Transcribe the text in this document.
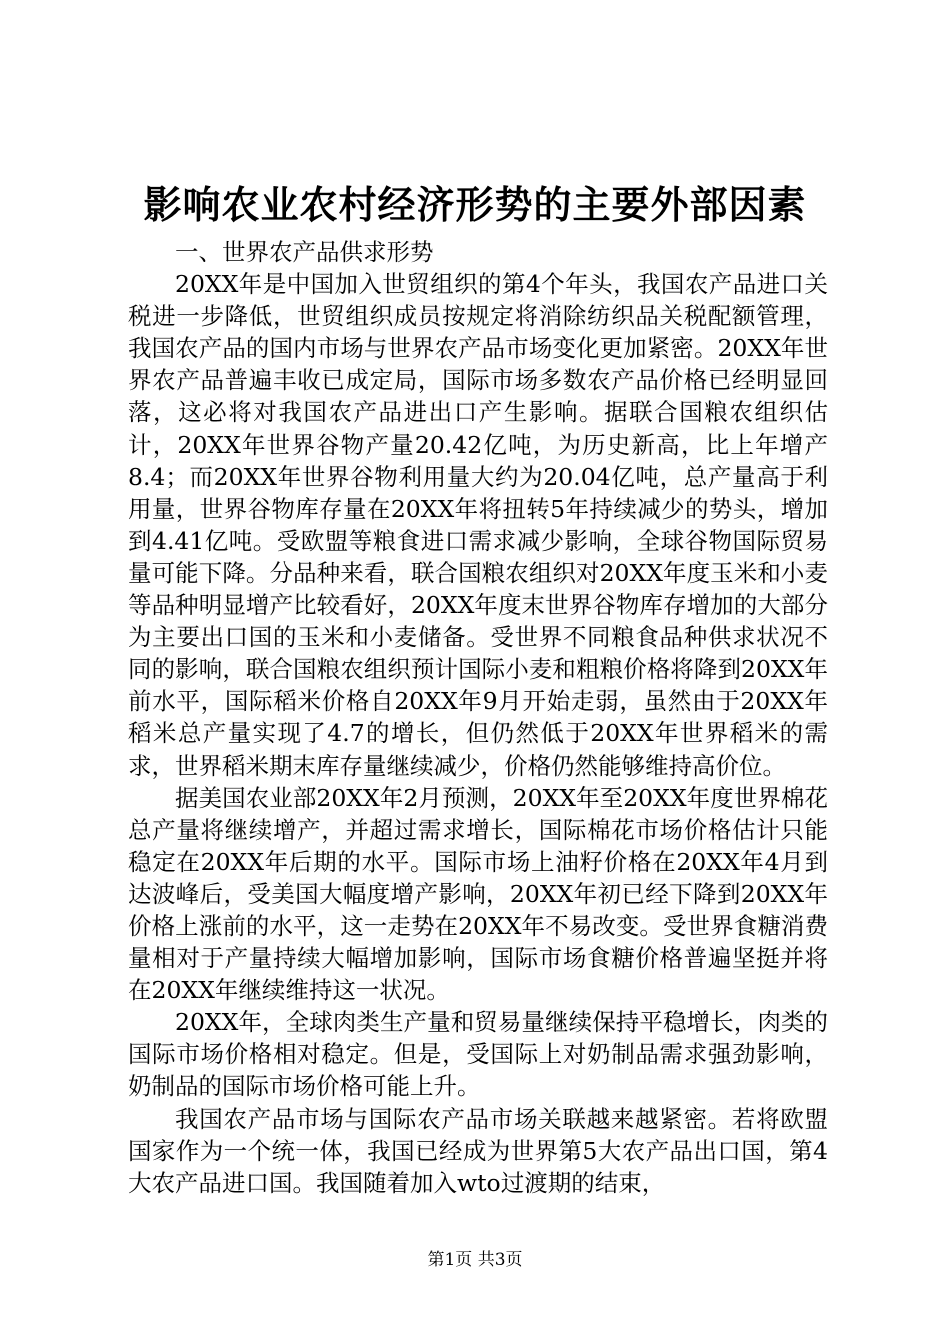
影响农业农村经济形势的主要外部因素

一、世界农产品供求形势

20XX年是中国加入世贸组织的第4个年头，我国农产品进口关税进一步降低，世贸组织成员按规定将消除纺织品关税配额管理，我国农产品的国内市场与世界农产品市场变化更加紧密。20XX年世界农产品普遍丰收已成定局，国际市场多数农产品价格已经明显回落，这必将对我国农产品进出口产生影响。据联合国粮农组织估计，20XX年世界谷物产量20.42亿吨，为历史新高，比上年增产8.4；而20XX年世界谷物利用量大约为20.04亿吨，总产量高于利用量，世界谷物库存量在20XX年将扭转5年持续减少的势头，增加到4.41亿吨。受欧盟等粮食进口需求减少影响，全球谷物国际贸易量可能下降。分品种来看，联合国粮农组织对20XX年度玉米和小麦等品种明显增产比较看好，20XX年度末世界谷物库存增加的大部分为主要出口国的玉米和小麦储备。受世界不同粮食品种供求状况不同的影响，联合国粮农组织预计国际小麦和粗粮价格将降到20XX年前水平，国际稻米价格自20XX年9月开始走弱，虽然由于20XX年稻米总产量实现了4.7的增长，但仍然低于20XX年世界稻米的需求，世界稻米期末库存量继续减少，价格仍然能够维持高价位。

据美国农业部20XX年2月预测，20XX年至20XX年度世界棉花总产量将继续增产，并超过需求增长，国际棉花市场价格估计只能稳定在20XX年后期的水平。国际市场上油籽价格在20XX年4月到达波峰后，受美国大幅度增产影响，20XX年初已经下降到20XX年价格上涨前的水平，这一走势在20XX年不易改变。受世界食糖消费量相对于产量持续大幅增加影响，国际市场食糖价格普遍坚挺并将在20XX年继续维持这一状况。

20XX年，全球肉类生产量和贸易量继续保持平稳增长，肉类的国际市场价格相对稳定。但是，受国际上对奶制品需求强劲影响，奶制品的国际市场价格可能上升。

我国农产品市场与国际农产品市场关联越来越紧密。若将欧盟国家作为一个统一体，我国已经成为世界第5大农产品出口国，第4大农产品进口国。我国随着加入wto过渡期的结束，

第1页 共3页
